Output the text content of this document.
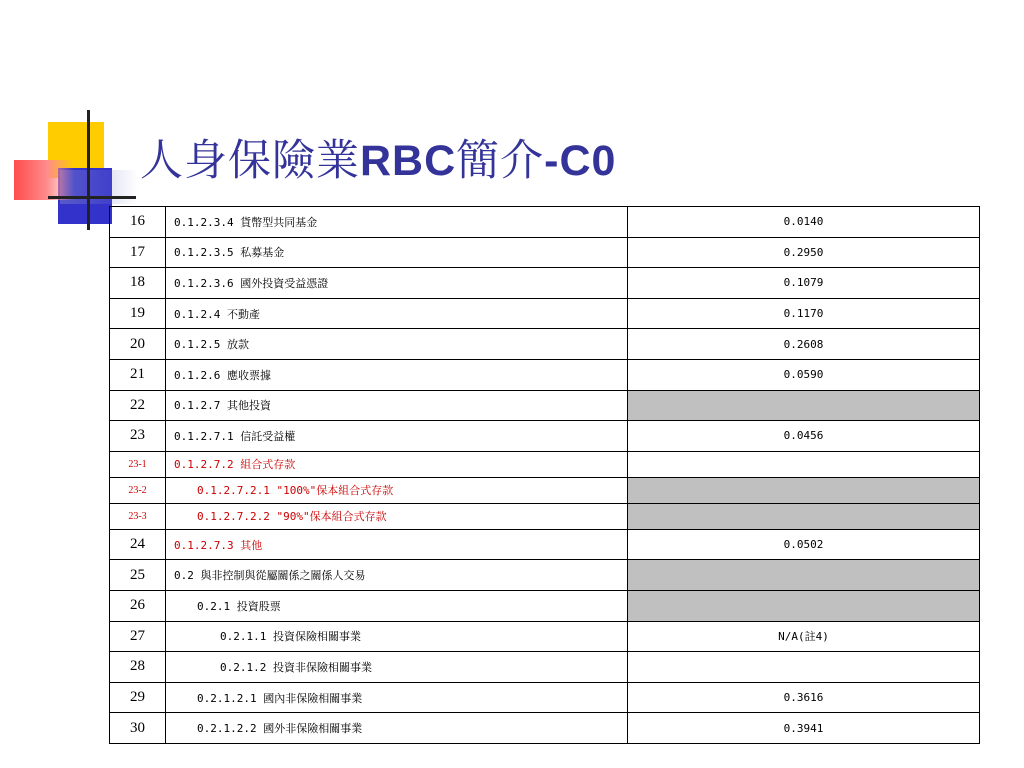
人身保險業RBC簡介-C0
16	0.1.2.3.4 貨幣型共同基金	0.0140
17	0.1.2.3.5 私募基金	0.2950
18	0.1.2.3.6 國外投資受益憑證	0.1079
19	0.1.2.4 不動產	0.1170
20	0.1.2.5 放款	0.2608
21	0.1.2.6 應收票據	0.0590
22	0.1.2.7 其他投資	
23	0.1.2.7.1 信託受益權	0.0456
23-1	0.1.2.7.2 組合式存款	
23-2	0.1.2.7.2.1 "100%"保本組合式存款	
23-3	0.1.2.7.2.2 "90%"保本組合式存款	
24	0.1.2.7.3 其他	0.0502
25	0.2 與非控制與從屬關係之關係人交易	
26	0.2.1 投資股票	
27	0.2.1.1 投資保險相關事業	N/A(註4)
28	0.2.1.2 投資非保險相關事業	
29	0.2.1.2.1 國內非保險相關事業	0.3616
30	0.2.1.2.2 國外非保險相關事業	0.3941
